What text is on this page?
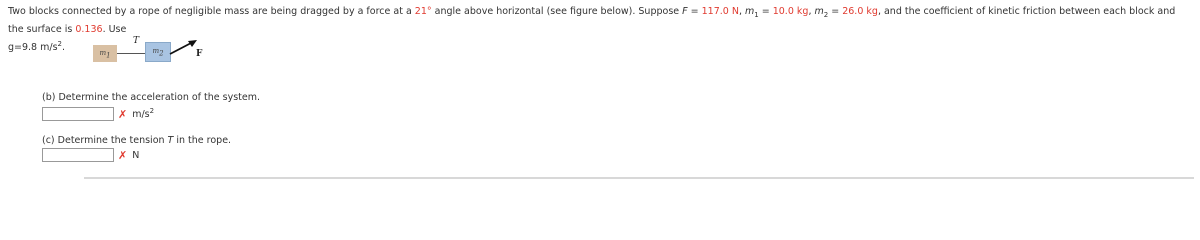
Two blocks connected by a rope of negligible mass are being dragged by a force at a 21° angle above horizontal (see figure below). Suppose F = 117.0 N, $m_1 = 10.0$ kg, $m_2 = 26.0$ kg, and the coefficient of kinetic friction between each block and the surface is 0.136. Use
g=9.8 $m/s^2$.	$m_1$
T
$m_2$	F
(b) Determine the acceleration of the system.
✗ $m/s^2$
(c) Determine the tension T in the rope.
✗ N
